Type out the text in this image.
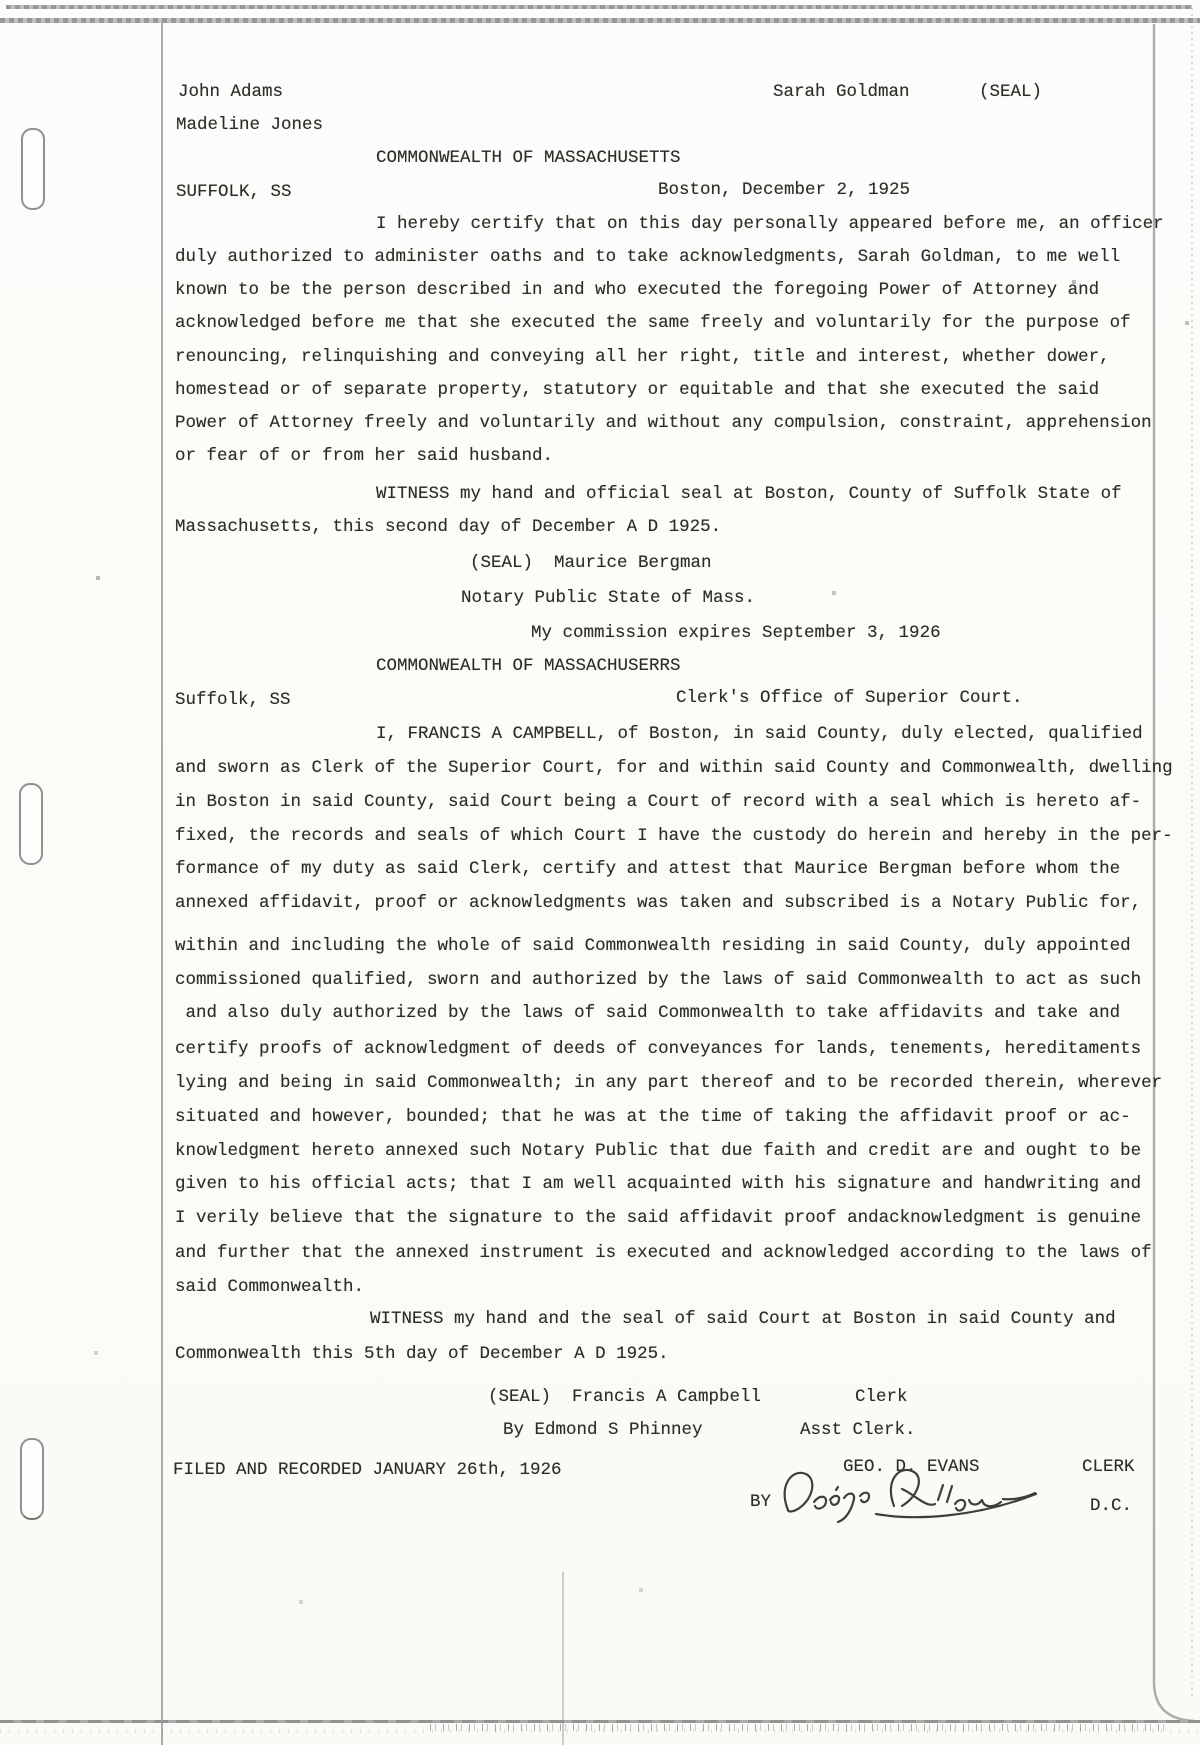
John Adams	Sarah Goldman	(SEAL)
Madeline Jones
COMMONWEALTH OF MASSACHUSETTS
SUFFOLK, SS	Boston, December 2, 1925
I hereby certify that on this day personally appeared before me, an officer
duly authorized to administer oaths and to take acknowledgments, Sarah Goldman, to me well
known to be the person described in and who executed the foregoing Power of Attorney and
acknowledged before me that she executed the same freely and voluntarily for the purpose of
renouncing, relinquishing and conveying all her right, title and interest, whether dower,
homestead or of separate property, statutory or equitable and that she executed the said
Power of Attorney freely and voluntarily and without any compulsion, constraint, apprehension
or fear of or from her said husband.
WITNESS my hand and official seal at Boston, County of Suffolk State of
Massachusetts, this second day of December A D 1925.
(SEAL)  Maurice Bergman
Notary Public State of Mass.
My commission expires September 3, 1926
COMMONWEALTH OF MASSACHUSERRS
Suffolk, SS	Clerk's Office of Superior Court.
I, FRANCIS A CAMPBELL, of Boston, in said County, duly elected, qualified
and sworn as Clerk of the Superior Court, for and within said County and Commonwealth, dwelling
in Boston in said County, said Court being a Court of record with a seal which is hereto af-
fixed, the records and seals of which Court I have the custody do herein and hereby in the per-
formance of my duty as said Clerk, certify and attest that Maurice Bergman before whom the
annexed affidavit, proof or acknowledgments was taken and subscribed is a Notary Public for,
within and including the whole of said Commonwealth residing in said County, duly appointed
commissioned qualified, sworn and authorized by the laws of said Commonwealth to act as such
and also duly authorized by the laws of said Commonwealth to take affidavits and take and
certify proofs of acknowledgment of deeds of conveyances for lands, tenements, hereditaments
lying and being in said Commonwealth; in any part thereof and to be recorded therein, wherever
situated and however, bounded; that he was at the time of taking the affidavit proof or ac-
knowledgment hereto annexed such Notary Public that due faith and credit are and ought to be
given to his official acts; that I am well acquainted with his signature and handwriting and
I verily believe that the signature to the said affidavit proof andacknowledgment is genuine
and further that the annexed instrument is executed and acknowledged according to the laws of
said Commonwealth.
WITNESS my hand and the seal of said Court at Boston in said County and
Commonwealth this 5th day of December A D 1925.
(SEAL)  Francis A Campbell	Clerk
By Edmond S Phinney	Asst Clerk.
FILED AND RECORDED JANUARY 26th, 1926	GEO. D. EVANS	CLERK
BY	D.C.
